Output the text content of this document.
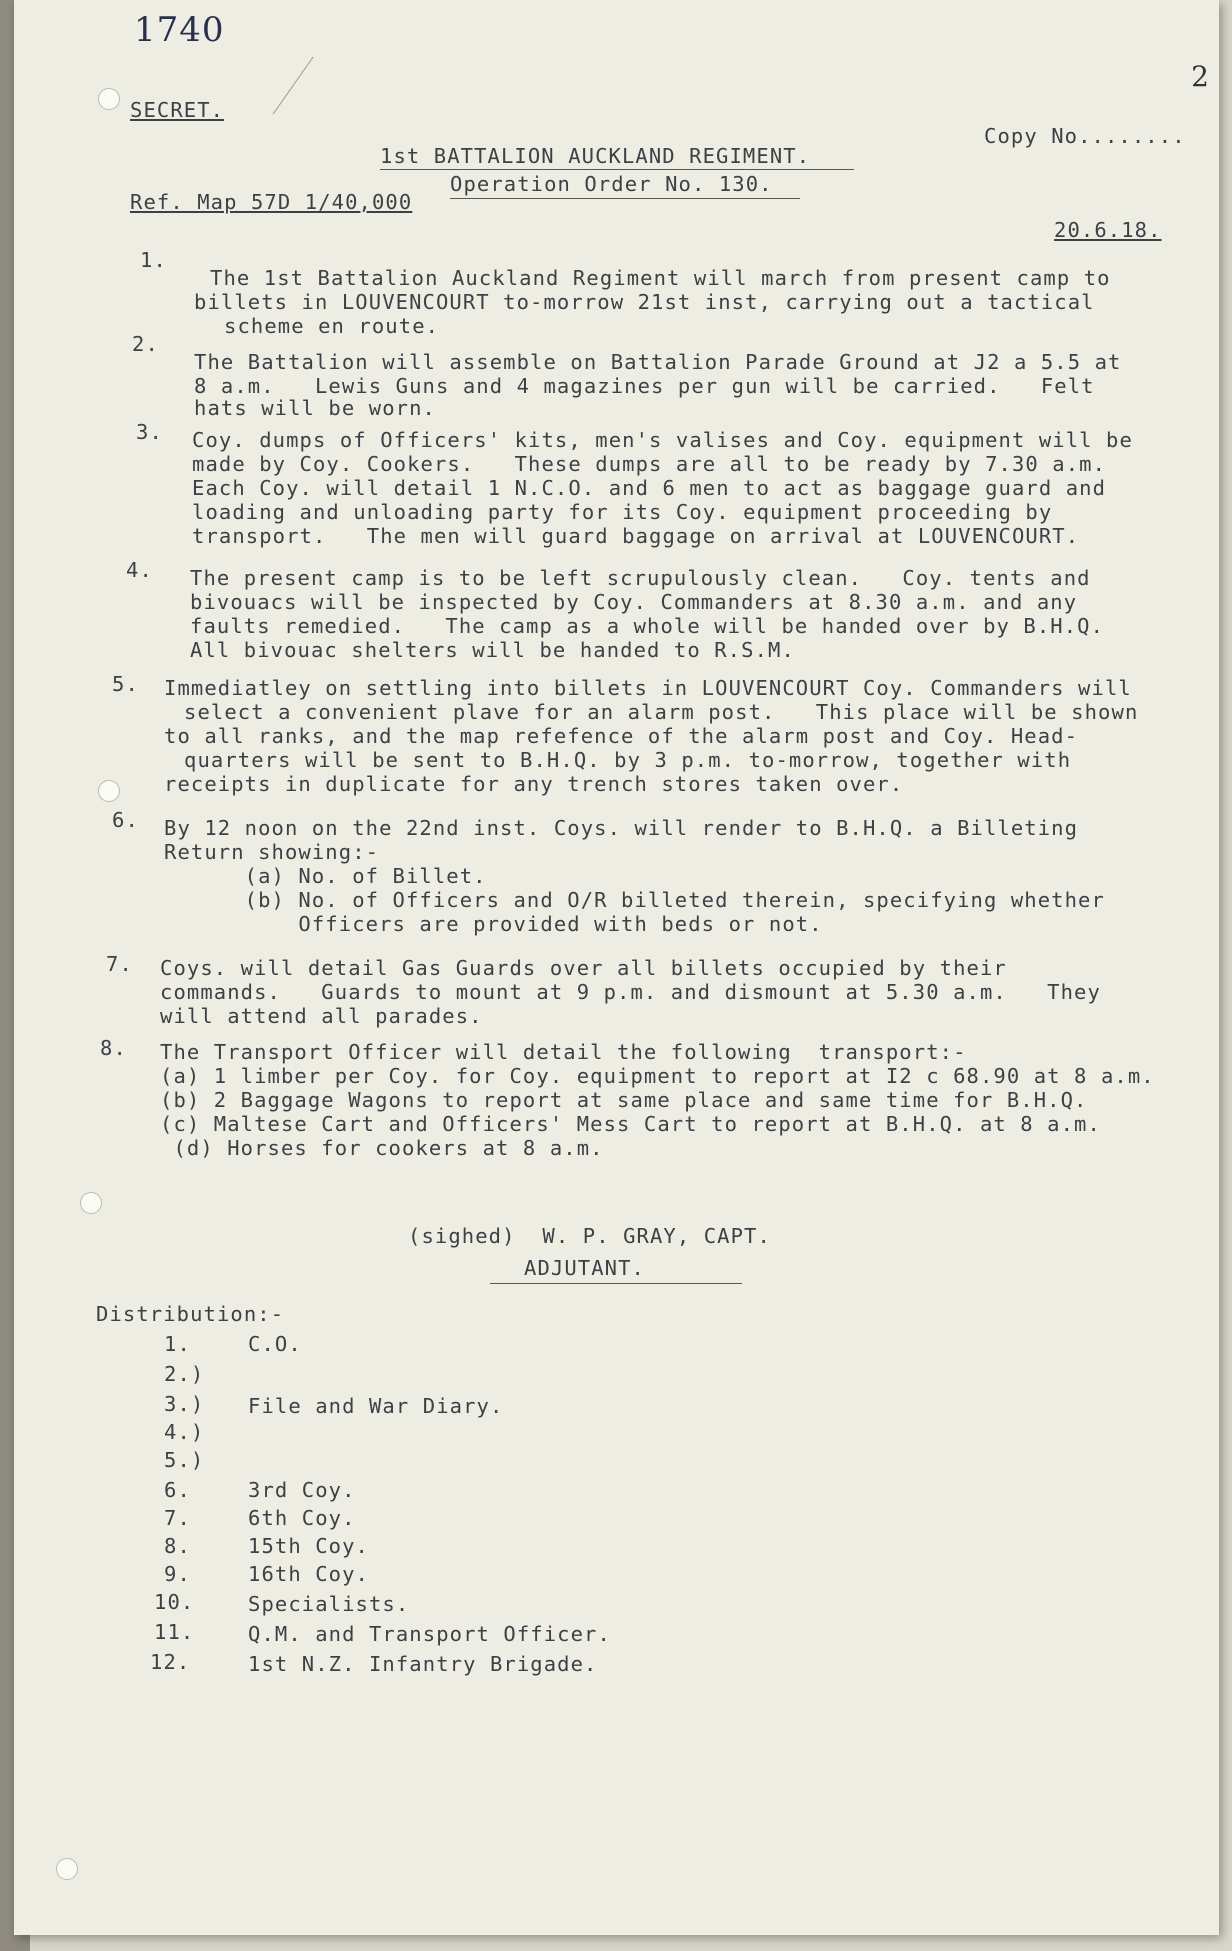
1740
2
SECRET.
Copy No........
1st BATTALION AUCKLAND REGIMENT.
Operation Order No. 130.
Ref. Map 57D 1/40,000
20.6.18.
1.
The 1st Battalion Auckland Regiment will march from present camp to
billets in LOUVENCOURT to-morrow 21st inst, carrying out a tactical
scheme en route.
2.
The Battalion will assemble on Battalion Parade Ground at J2 a 5.5 at
8 a.m.   Lewis Guns and 4 magazines per gun will be carried.   Felt
hats will be worn.
3. Coy. dumps of Officers' kits, men's valises and Coy. equipment will be
made by Coy. Cookers.   These dumps are all to be ready by 7.30 a.m.
Each Coy. will detail 1 N.C.O. and 6 men to act as baggage guard and
loading and unloading party for its Coy. equipment proceeding by
transport.   The men will guard baggage on arrival at LOUVENCOURT.
4. The present camp is to be left scrupulously clean.   Coy. tents and
bivouacs will be inspected by Coy. Commanders at 8.30 a.m. and any
faults remedied.   The camp as a whole will be handed over by B.H.Q.
All bivouac shelters will be handed to R.S.M.
5. Immediatley on settling into billets in LOUVENCOURT Coy. Commanders will
select a convenient plave for an alarm post.   This place will be shown
to all ranks, and the map refefence of the alarm post and Coy. Head-
quarters will be sent to B.H.Q. by 3 p.m. to-morrow, together with
receipts in duplicate for any trench stores taken over.
6. By 12 noon on the 22nd inst. Coys. will render to B.H.Q. a Billeting
Return showing:-
(a) No. of Billet.
(b) No. of Officers and O/R billeted therein, specifying whether
Officers are provided with beds or not.
7. Coys. will detail Gas Guards over all billets occupied by their
commands.   Guards to mount at 9 p.m. and dismount at 5.30 a.m.   They
will attend all parades.
8. The Transport Officer will detail the following  transport:-
(a) 1 limber per Coy. for Coy. equipment to report at I2 c 68.90 at 8 a.m.
(b) 2 Baggage Wagons to report at same place and same time for B.H.Q.
(c) Maltese Cart and Officers' Mess Cart to report at B.H.Q. at 8 a.m.
(d) Horses for cookers at 8 a.m.
(sighed)  W. P. GRAY, CAPT.
ADJUTANT.
Distribution:-
1.	C.O.
2.)
3.) File and War Diary.
4.)
5.)
6.	3rd Coy.
7.	6th Coy.
8.	15th Coy.
9.	16th Coy.
10.	Specialists.
11.	Q.M. and Transport Officer.
12.	1st N.Z. Infantry Brigade.
